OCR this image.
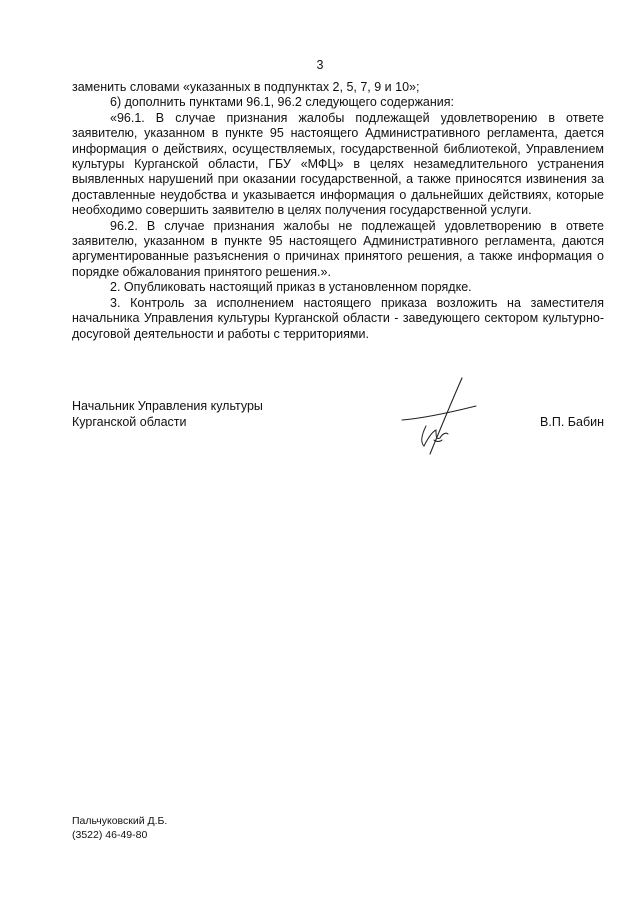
3

заменить словами «указанных в подпунктах 2, 5, 7, 9 и 10»;

6) дополнить пунктами 96.1, 96.2 следующего содержания:

«96.1. В случае признания жалобы подлежащей удовлетворению в ответе заявителю, указанном в пункте 95 настоящего Административного регламента, дается информация о действиях, осуществляемых, государственной библиотекой, Управлением культуры Курганской области, ГБУ «МФЦ» в целях незамедлительного устранения выявленных нарушений при оказании государственной, а также приносятся извинения за доставленные неудобства и указывается информация о дальнейших действиях, которые необходимо совершить заявителю в целях получения государственной услуги.

96.2. В случае признания жалобы не подлежащей удовлетворению в ответе заявителю, указанном в пункте 95 настоящего Административного регламента, даются аргументированные разъяснения о причинах принятого решения, а также информация о порядке обжалования принятого решения.».

2. Опубликовать настоящий приказ в установленном порядке.

3. Контроль за исполнением настоящего приказа возложить на заместителя начальника Управления культуры Курганской области - заведующего сектором культурно-досуговой деятельности и работы с территориями.

Начальник Управления культуры
Курганской области	В.П. Бабин
Пальчуковский Д.Б.
(3522) 46-49-80
